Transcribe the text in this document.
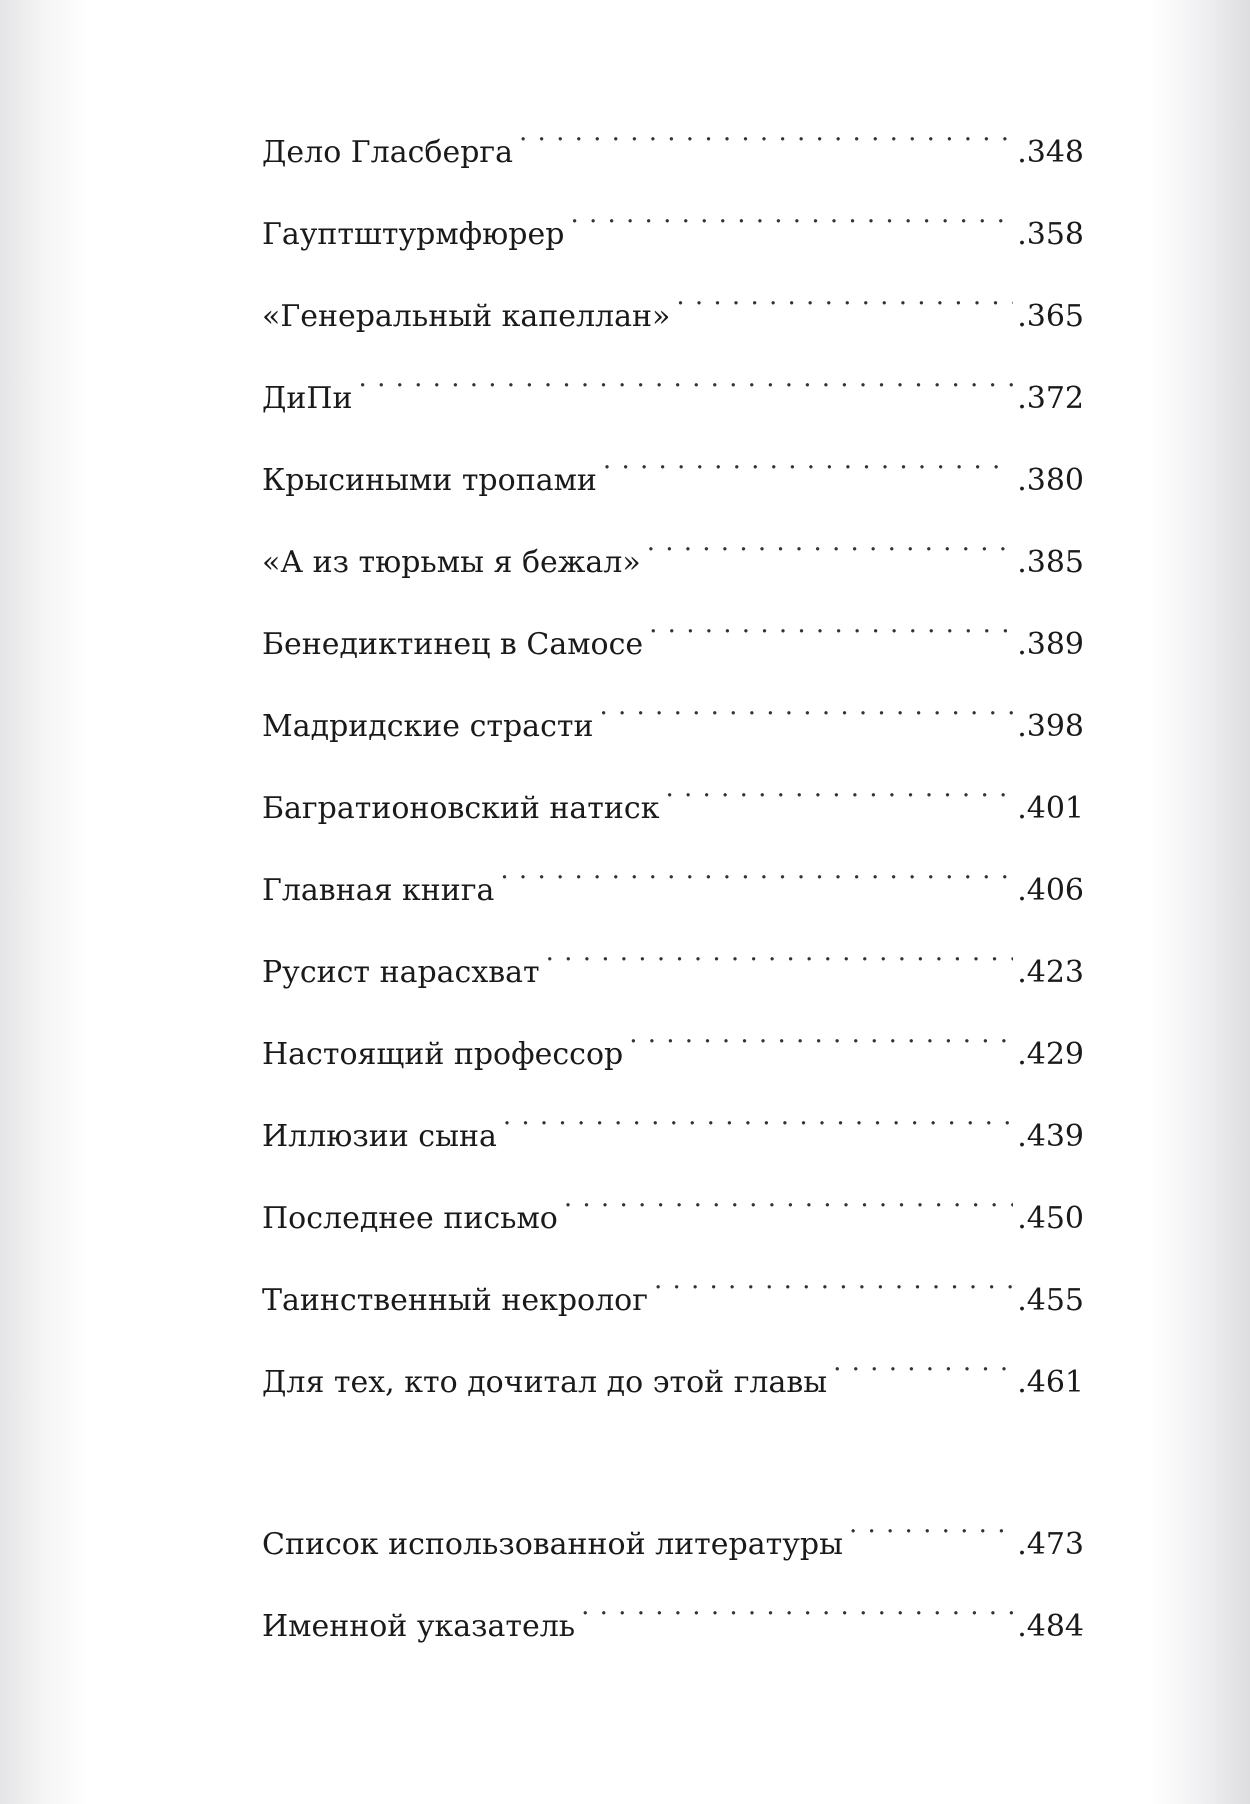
Дело Гласберга . . .	.348
Гауптштурмфюрер . . .	.358
«Генеральный капеллан» . . .	.365
ДиПи . . .	.372
Крысиными тропами . . .	.380
«А из тюрьмы я бежал» . . .	.385
Бенедиктинец в Самосе . . .	.389
Мадридские страсти . . .	.398
Багратионовский натиск . . .	.401
Главная книга . . .	.406
Русист нарасхват . . .	.423
Настоящий профессор . . .	.429
Иллюзии сына . . .	.439
Последнее письмо . . .	.450
Таинственный некролог . . .	.455
Для тех, кто дочитал до этой главы . . .	.461
Список использованной литературы . . .	.473
Именной указатель . . .	.484
